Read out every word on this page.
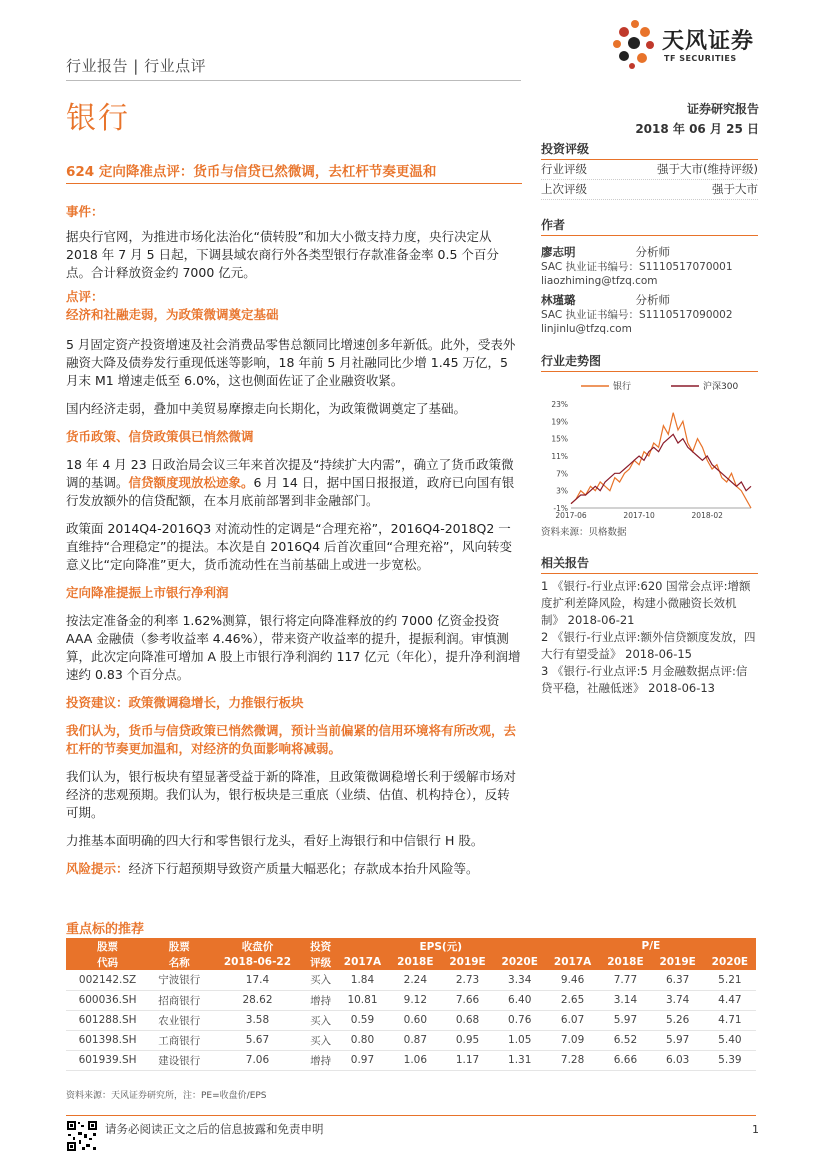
行业报告 | 行业点评
天风证券
TF SECURITIES
银行	证券研究报告
2018 年 06 月 25 日
624 定向降准点评：货币与信贷已然微调，去杠杆节奏更温和
事件：

据央行官网，为推进市场化法治化“债转股”和加大小微支持力度，央行决定从 2018 年 7 月 5 日起，下调县域农商行外各类型银行存款准备金率 0.5 个百分点。合计释放资金约 7000 亿元。

点评：
经济和社融走弱，为政策微调奠定基础

5 月固定资产投资增速及社会消费品零售总额同比增速创多年新低。此外，受表外融资大降及债券发行重现低迷等影响，18 年前 5 月社融同比少增 1.45 万亿，5 月末 M1 增速走低至 6.0%，这也侧面佐证了企业融资收紧。

国内经济走弱，叠加中美贸易摩擦走向长期化，为政策微调奠定了基础。

货币政策、信贷政策俱已悄然微调

18 年 4 月 23 日政治局会议三年来首次提及“持续扩大内需”，确立了货币政策微调的基调。信贷额度现放松迹象。6 月 14 日，据中国日报报道，政府已向国有银行发放额外的信贷配额，在本月底前部署到非金融部门。

政策面 2014Q4-2016Q3 对流动性的定调是“合理充裕”，2016Q4-2018Q2 一直维持“合理稳定”的提法。本次是自 2016Q4 后首次重回“合理充裕”，风向转变意义比“定向降准”更大，货币流动性在当前基础上或进一步宽松。

定向降准提振上市银行净利润

按法定准备金的利率 1.62%测算，银行将定向降准释放的约 7000 亿资金投资 AAA 金融债（参考收益率 4.46%），带来资产收益率的提升，提振利润。审慎测算，此次定向降准可增加 A 股上市银行净利润约 117 亿元（年化），提升净利润增速约 0.83 个百分点。

投资建议：政策微调稳增长，力推银行板块

我们认为，货币与信贷政策已悄然微调，预计当前偏紧的信用环境将有所改观，去杠杆的节奏更加温和，对经济的负面影响将减弱。

我们认为，银行板块有望显著受益于新的降准，且政策微调稳增长利于缓解市场对经济的悲观预期。我们认为，银行板块是三重底（业绩、估值、机构持仓），反转可期。

力推基本面明确的四大行和零售银行龙头，看好上海银行和中信银行 H 股。

风险提示：经济下行超预期导致资产质量大幅恶化；存款成本抬升风险等。

投资评级
行业评级	强于大市(维持评级)
上次评级	强于大市
作者
廖志明	分析师
SAC 执业证书编号：S1110517070001
liaozhiming@tfzq.com
林瑾璐	分析师
SAC 执业证书编号：S1110517090002
linjinlu@tfzq.com
行业走势图
银行	沪深300
23%
19%
15%
11%
7%
3%
-1%
2017-06	2017-10	2018-02
资料来源：贝格数据
相关报告
1 《银行-行业点评:620 国常会点评:增额度扩利差降风险，构建小微融资长效机制》 2018-06-21
2 《银行-行业点评:额外信贷额度发放，四大行有望受益》 2018-06-15
3 《银行-行业点评:5 月金融数据点评:信贷平稳，社融低迷》 2018-06-13
重点标的推荐
股票	股票	收盘价	投资	EPS(元)				P/E			
代码	名称	2018-06-22	评级	2017A	2018E	2019E	2020E	2017A	2018E	2019E	2020E
002142.SZ	宁波银行	17.4	买入	1.84	2.24	2.73	3.34	9.46	7.77	6.37	5.21
600036.SH	招商银行	28.62	增持	10.81	9.12	7.66	6.40	2.65	3.14	3.74	4.47
601288.SH	农业银行	3.58	买入	0.59	0.60	0.68	0.76	6.07	5.97	5.26	4.71
601398.SH	工商银行	5.67	买入	0.80	0.87	0.95	1.05	7.09	6.52	5.97	5.40
601939.SH	建设银行	7.06	增持	0.97	1.06	1.17	1.31	7.28	6.66	6.03	5.39
资料来源：天风证券研究所，注：PE=收盘价/EPS
请务必阅读正文之后的信息披露和免责申明	1
